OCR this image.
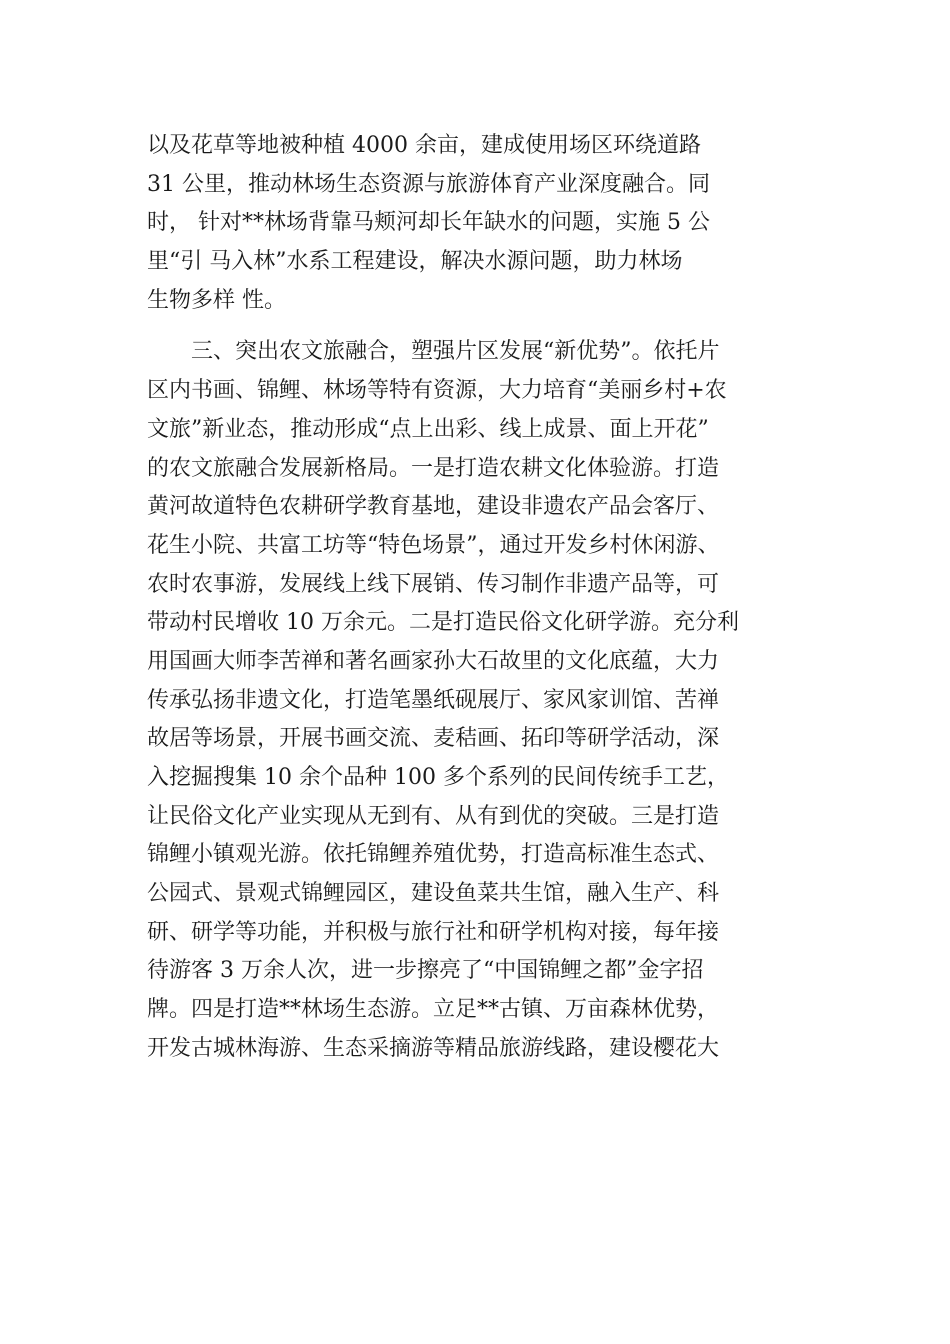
以及花草等地被种植 4000 余亩，建成使用场区环绕道路
31 公里，推动林场生态资源与旅游体育产业深度融合。同
时， 针对**林场背靠马颊河却长年缺水的问题，实施 5 公
里“引 马入林”水系工程建设，解决水源问题，助力林场
生物多样 性。
　　三、突出农文旅融合，塑强片区发展“新优势”。依托片
区内书画、锦鲤、林场等特有资源，大力培育“美丽乡村+农
文旅”新业态，推动形成“点上出彩、线上成景、面上开花”
的农文旅融合发展新格局。一是打造农耕文化体验游。打造
黄河故道特色农耕研学教育基地，建设非遗农产品会客厅、
花生小院、共富工坊等“特色场景”，通过开发乡村休闲游、
农时农事游，发展线上线下展销、传习制作非遗产品等，可
带动村民增收 10 万余元。二是打造民俗文化研学游。充分利
用国画大师李苦禅和著名画家孙大石故里的文化底蕴，大力
传承弘扬非遗文化，打造笔墨纸砚展厅、家风家训馆、苦禅
故居等场景，开展书画交流、麦秸画、拓印等研学活动，深
入挖掘搜集 10 余个品种 100 多个系列的民间传统手工艺，
让民俗文化产业实现从无到有、从有到优的突破。三是打造
锦鲤小镇观光游。依托锦鲤养殖优势，打造高标准生态式、
公园式、景观式锦鲤园区，建设鱼菜共生馆，融入生产、科
研、研学等功能，并积极与旅行社和研学机构对接，每年接
待游客 3 万余人次，进一步擦亮了“中国锦鲤之都”金字招
牌。四是打造**林场生态游。立足**古镇、万亩森林优势，
开发古城林海游、生态采摘游等精品旅游线路，建设樱花大
